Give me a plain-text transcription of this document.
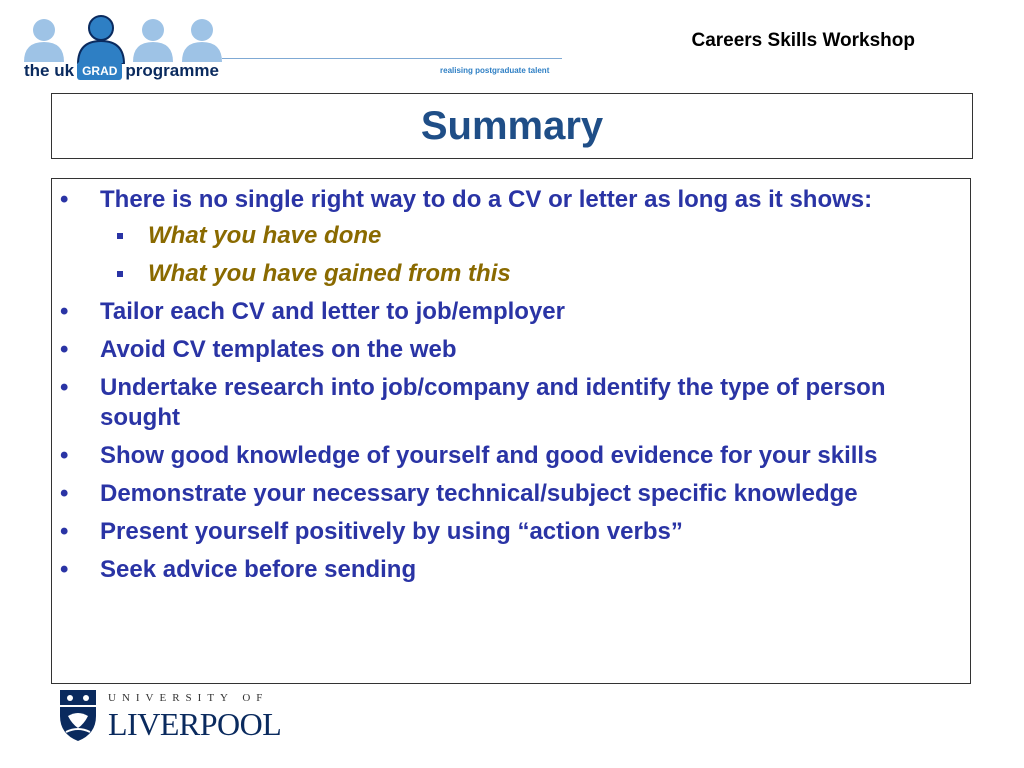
the uk GRAD programme	realising postgraduate talent
Careers Skills Workshop
Summary
• There is no single right way to do a CV or letter as long as it shows:
What you have done
What you have gained from this
• Tailor each CV and letter to job/employer
• Avoid CV templates on the web
• Undertake research into job/company and identify the type of person sought
• Show good knowledge of yourself and good evidence for your skills
• Demonstrate your necessary technical/subject specific knowledge
• Present yourself positively by using “action verbs”
• Seek advice before sending
UNIVERSITY OF
LIVERPOOL
